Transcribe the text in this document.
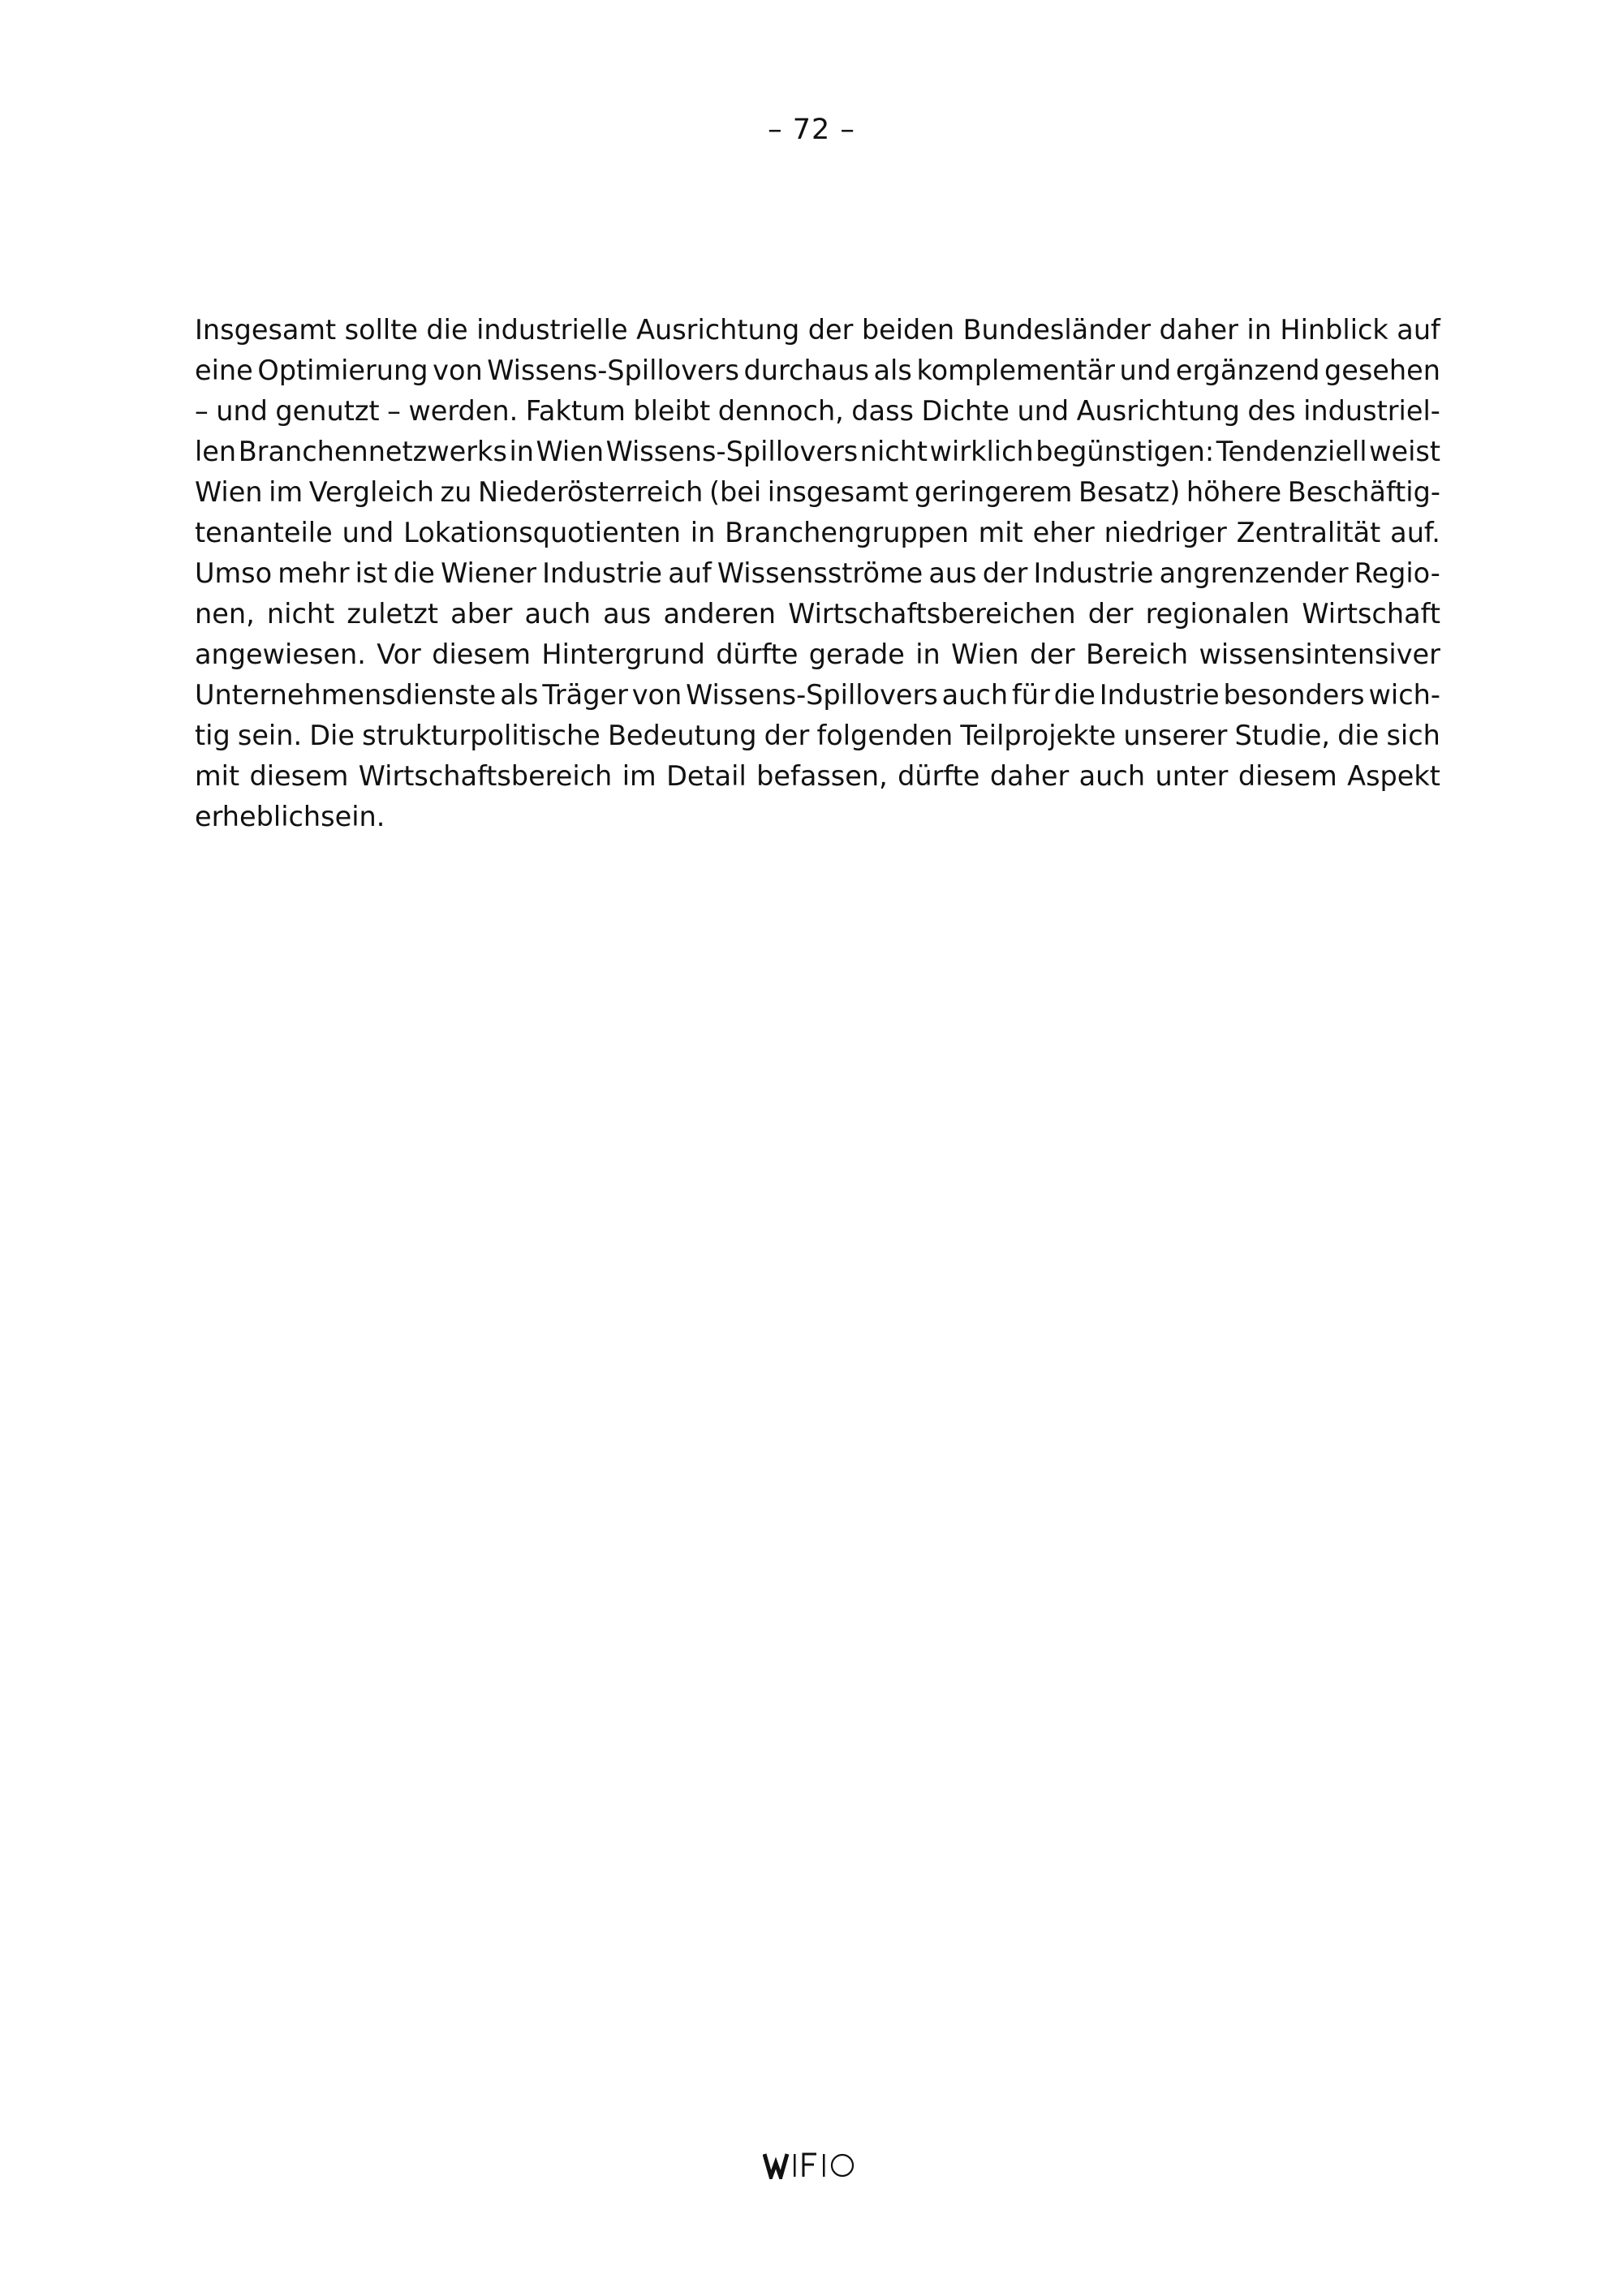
– 72 –
Insgesamt sollte die industrielle Ausrichtung der beiden Bundesländer daher in Hinblick auf
eine Optimierung von Wissens-Spillovers durchaus als komplementär und ergänzend gesehen
– und genutzt – werden. Faktum bleibt dennoch, dass Dichte und Ausrichtung des industriel-
len Branchennetzwerks in Wien Wissens-Spillovers nicht wirklich begünstigen: Tendenziell weist
Wien im Vergleich zu Niederösterreich (bei insgesamt geringerem Besatz) höhere Beschäftig-
tenanteile und Lokationsquotienten in Branchengruppen mit eher niedriger Zentralität auf.
Umso mehr ist die Wiener Industrie auf Wissensströme aus der Industrie angrenzender Regio-
nen, nicht zuletzt aber auch aus anderen Wirtschaftsbereichen der regionalen Wirtschaft
angewiesen. Vor diesem Hintergrund dürfte gerade in Wien der Bereich wissensintensiver
Unternehmensdienste als Träger von Wissens-Spillovers auch für die Industrie besonders wich-
tig sein. Die strukturpolitische Bedeutung der folgenden Teilprojekte unserer Studie, die sich
mit diesem Wirtschaftsbereich im Detail befassen, dürfte daher auch unter diesem Aspekt
erheblich sein.
